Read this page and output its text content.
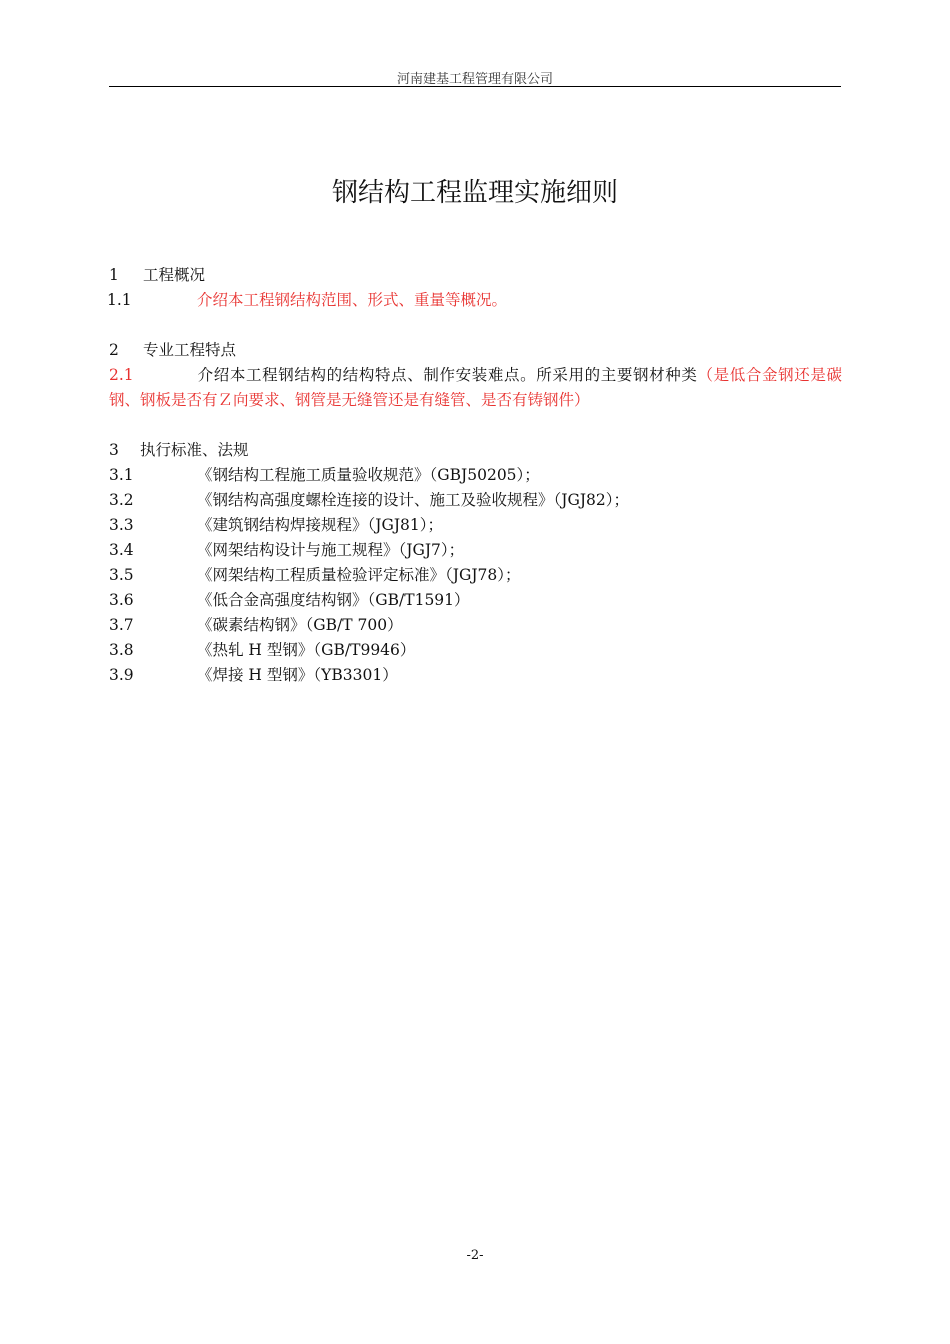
河南建基工程管理有限公司
钢结构工程监理实施细则
1 工程概况
1.1	介绍本工程钢结构范围、形式、重量等概况。
2 专业工程特点
2.1	介绍本工程钢结构的结构特点、制作安装难点。所采用的主要钢材种类（是低合金钢还是碳钢、钢板是否有Ｚ向要求、钢管是无缝管还是有缝管、是否有铸钢件）
3 执行标准、法规
3.1	《钢结构工程施工质量验收规范》（GBJ50205）；
3.2	《钢结构高强度螺栓连接的设计、施工及验收规程》（JGJ82）；
3.3	《建筑钢结构焊接规程》（JGJ81）；
3.4	《网架结构设计与施工规程》（JGJ7）；
3.5	《网架结构工程质量检验评定标准》（JGJ78）；
3.6	《低合金高强度结构钢》（GB/T1591）
3.7	《碳素结构钢》（GB/T 700）
3.8	《热轧 H 型钢》（GB/T9946）
3.9	《焊接 H 型钢》（YB3301）
-2-
